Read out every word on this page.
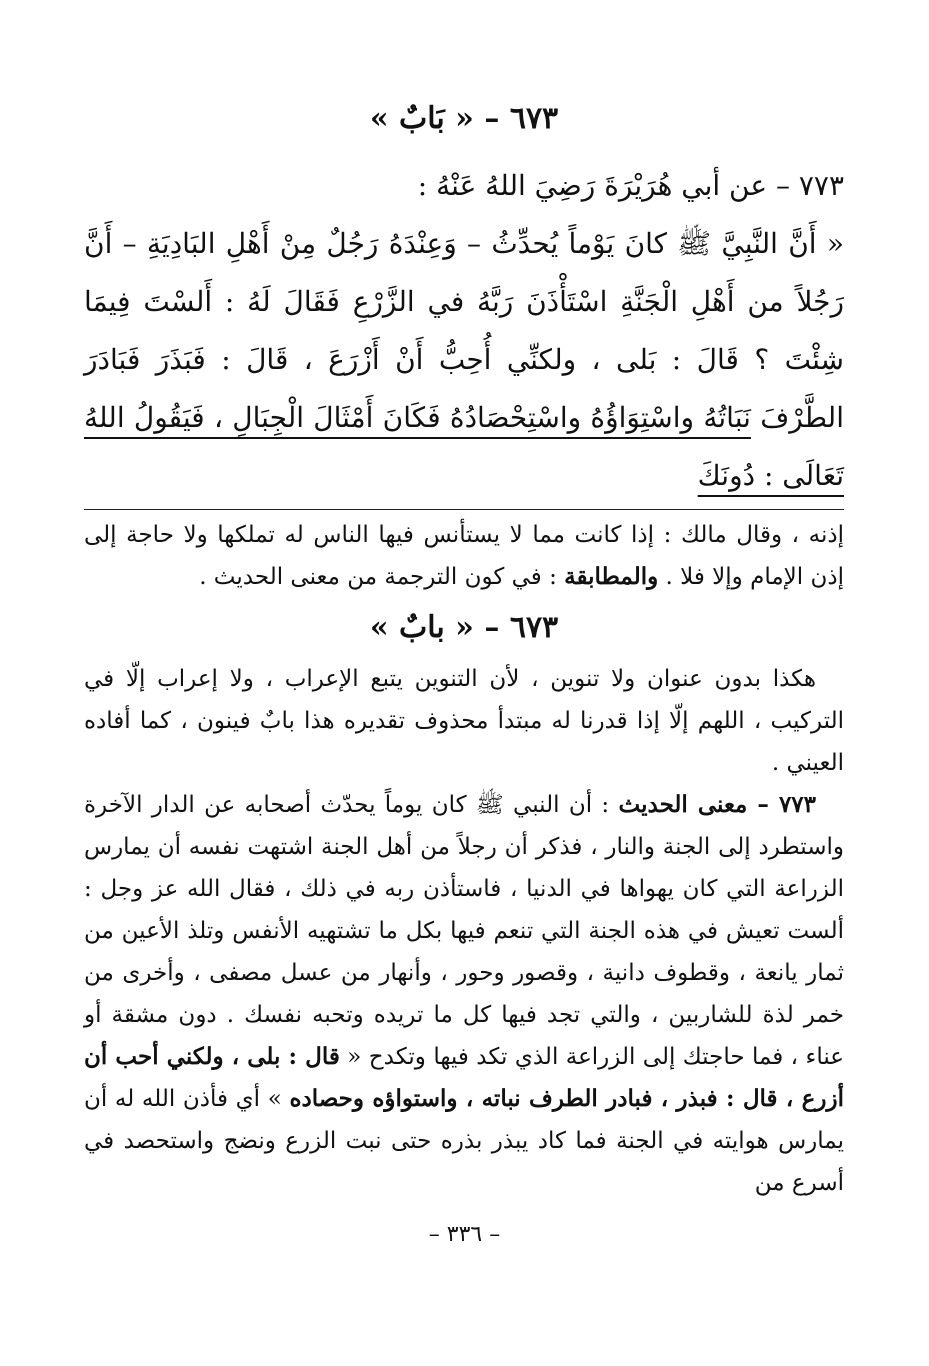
٦٧٣ – « بَابٌ »

٧٧٣ – عن أبي هُرَيْرَةَ رَضِيَ اللهُ عَنْهُ :

« أَنَّ النَّبِيَّ ﷺ كانَ يَوْماً يُحدِّثُ – وَعِنْدَهُ رَجُلٌ مِنْ أَهْلِ البَادِيَةِ – أَنَّ رَجُلاً من أَهْلِ الْجَنَّةِ اسْتَأْذَنَ رَبَّهُ في الزَّرْعِ فَقَالَ لَهُ : أَلسْتَ فِيمَا شِئْتَ ؟ قَالَ : بَلى ، ولكنِّي أُحِبُّ أَنْ أَزْرَعَ ، قَالَ : فَبَذَرَ فَبَادَرَ الطَّرْفَ نَبَاتُهُ واسْتِوَاؤُهُ واسْتِحْصَادُهُ فَكَانَ أَمْثَالَ الْجِبَالِ ، فَيَقُولُ اللهُ تَعَالَى : دُونَكَ

إذنه ، وقال مالك : إذا كانت مما لا يستأنس فيها الناس له تملكها ولا حاجة إلى إذن الإمام وإلا فلا . والمطابقة : في كون الترجمة من معنى الحديث .

٦٧٣ – « بابٌ »

هكذا بدون عنوان ولا تنوين ، لأن التنوين يتبع الإعراب ، ولا إعراب إلّا في التركيب ، اللهم إلّا إذا قدرنا له مبتدأ محذوف تقديره هذا بابٌ فينون ، كما أفاده العيني .

٧٧٣ – معنى الحديث : أن النبي ﷺ كان يوماً يحدّث أصحابه عن الدار الآخرة واستطرد إلى الجنة والنار ، فذكر أن رجلاً من أهل الجنة اشتهت نفسه أن يمارس الزراعة التي كان يهواها في الدنيا ، فاستأذن ربه في ذلك ، فقال الله عز وجل : ألست تعيش في هذه الجنة التي تنعم فيها بكل ما تشتهيه الأنفس وتلذ الأعين من ثمار يانعة ، وقطوف دانية ، وقصور وحور ، وأنهار من عسل مصفى ، وأخرى من خمر لذة للشاربين ، والتي تجد فيها كل ما تريده وتحبه نفسك . دون مشقة أو عناء ، فما حاجتك إلى الزراعة الذي تكد فيها وتكدح « قال : بلى ، ولكني أحب أن أزرع ، قال : فبذر ، فبادر الطرف نباته ، واستواؤه وحصاده » أي فأذن الله له أن يمارس هوايته في الجنة فما كاد يبذر بذره حتى نبت الزرع ونضج واستحصد في أسرع من

– ٣٣٦ –
